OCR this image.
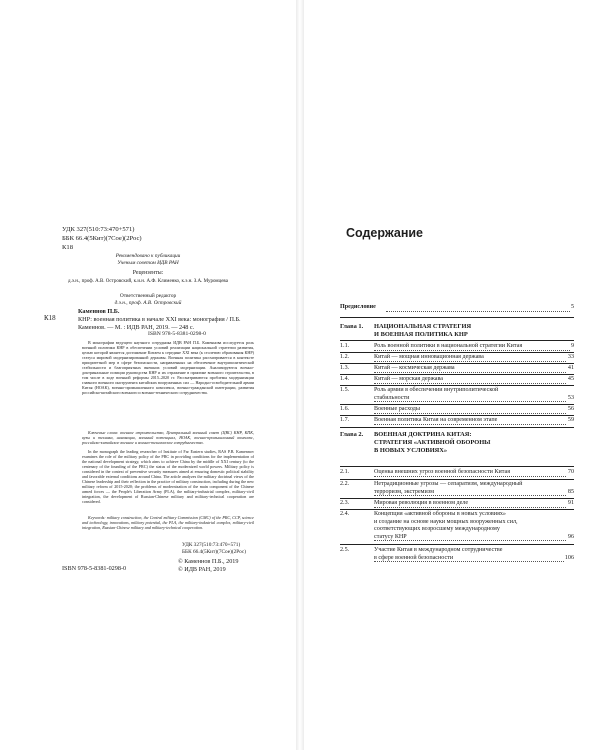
УДК 327(510:73:470+571)
ББК 66.4(5Кит)(7Сое)(2Рос)
К18
Рекомендовано к публикации
Ученым советом ИДВ РАН
Рецензенты:
д.э.н., проф. А.В. Островский, к.и.н. А.Ф. Клименко, к.э.н. З.А. Муромцева
Ответственный редактор
д.э.н., проф. А.В. Островский
Каменнов П.Б.
К18	КНР: военная политика в начале XXI века: монография / П.Б. Каменнов. — М. : ИДВ РАН, 2019. — 248 с.
ISBN 978-5-8381-0298-0

В монографии ведущего научного сотрудника ИДВ РАН П.Б. Каменнова исследуется роль военной политики КНР в обеспечении условий реализации национальной стратегии развития, целью которой является достижение Китаем к середине XXI века (к столетию образования КНР) статуса мировой модернизированной державы. Военная политика рассматривается в контексте приоритетной мер в сфере безопасности, направленных на обеспечение внутриполитической стабильности и благоприятных внешних условий модернизации. Анализируются военно-доктринальные позиции руководства КНР и их отражение в практике военного строительства, в том числе в ходе военной реформы 2015–2020 гг. Рассматриваются проблемы модернизации главного военного инструмента китайских вооруженных сил — Народно-освободительной армии Китая (НОАК), военно-промышленного комплекса, военно-гражданской интеграции, развития российско-китайского военного и военно-технического сотрудничества.

Ключевые слова: военное строительство, Центральный военный совет (ЦВС) КНР, КПК, вузы и техника, инновации, военный потенциал, НОАК, военно-промышленный комплекс, российско-китайское военное и военно-техническое сотрудничество.

In the monograph the leading researcher of Institute of Far Eastern studies, RAS P.B. Kamennov examines the role of the military policy of the PRC in providing conditions for the implementation of the national development strategy, which aims to achieve China by the middle of XXI century (to the centenary of the founding of the PRC) the status of the modernized world powers. Military policy is considered in the context of preventive security measures aimed at ensuring domestic political stability and favorable external conditions around China. The article analyzes the military doctrinal views of the Chinese leadership and their reflection in the practice of military construction, including during the new military reform of 2015-2020; the problems of modernization of the main component of the Chinese armed forces — the People's Liberation Army (PLA), the military-industrial complex, military-civil integration, the development of Russian-Chinese military and military-technical cooperation are considered.

Keywords: military construction, the Central military Commission (CMC) of the PRC, CCP, science and technology, innovations, military potential, the PLA, the military-industrial complex, military-civil integration, Russian-Chinese military and military-technical cooperation.

УДК 327(510:73:470+571)
ББК 66.4(5Кит)(7Сое)(2Рос)
ISBN 978-5-8381-0298-0
© Каменнов П.Б., 2019
© ИДВ РАН, 2019
Содержание
Предисловие	5
Глава 1.	НАЦИОНАЛЬНАЯ СТРАТЕГИЯ
И ВОЕННАЯ ПОЛИТИКА КНР
1.1.	Роль военной политики в национальной стратегии Китая	9
1.2.	Китай — мощная инновационная держава	33
1.3.	Китай — космическая держава	41
1.4.	Китай — морская держава	45
1.5.	Роль армии в обеспечении внутриполитической
стабильности	53
1.6.	Военные расходы	56
1.7.	Военная политика Китая на современном этапе	59
Глава 2.	ВОЕННАЯ ДОКТРИНА КИТАЯ:
СТРАТЕГИЯ «АКТИВНОЙ ОБОРОНЫ
В НОВЫХ УСЛОВИЯХ»
2.1.	Оценка внешних угроз военной безопасности Китая	70
2.2.	Нетрадиционные угрозы — сепаратизм, международный
терроризм, экстремизм	85
2.3.	Мировая революция в военном деле	91
2.4.	Концепция «активной обороны в новых условиях»
и создание на основе науки мощных вооруженных сил,
соответствующих возросшему международному
статусу КНР	96
2.5.	Участие Китая в международном сотрудничестве
в сфере военной безопасности	106
